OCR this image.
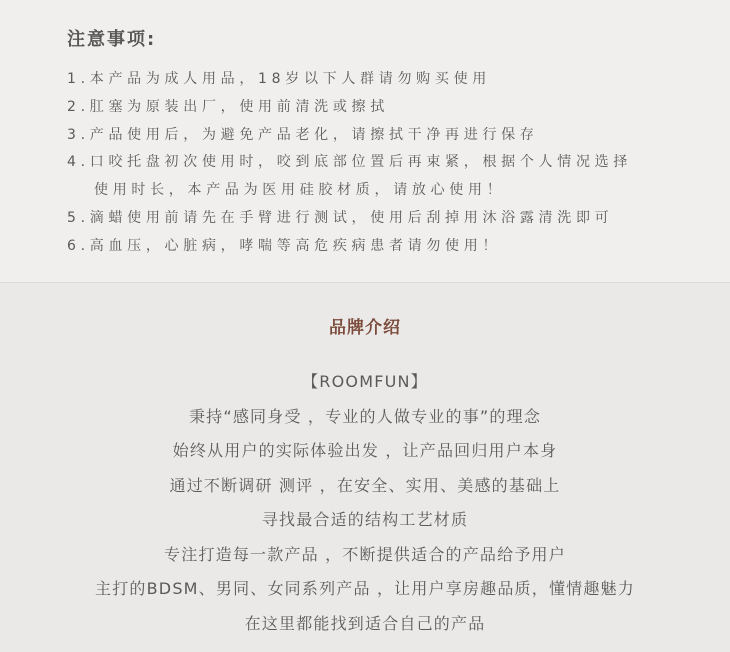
注意事项:
1.本产品为成人用品，18岁以下人群请勿购买使用
2.肛塞为原装出厂，使用前清洗或擦拭
3.产品使用后，为避免产品老化，请擦拭干净再进行保存
4.口咬托盘初次使用时，咬到底部位置后再束紧，根据个人情况选择
使用时长，本产品为医用硅胶材质，请放心使用！
5.滴蜡使用前请先在手臂进行测试，使用后刮掉用沐浴露清洗即可
6.高血压，心脏病，哮喘等高危疾病患者请勿使用！
品牌介绍
【ROOMFUN】
秉持“感同身受 ，专业的人做专业的事”的理念
始终从用户的实际体验出发 ，让产品回归用户本身
通过不断调研 测评 ，在安全、实用、美感的基础上
寻找最合适的结构工艺材质
专注打造每一款产品 ，不断提供适合的产品给予用户
主打的BDSM、男同、女同系列产品 ，让用户享房趣品质，懂情趣魅力
在这里都能找到适合自己的产品
